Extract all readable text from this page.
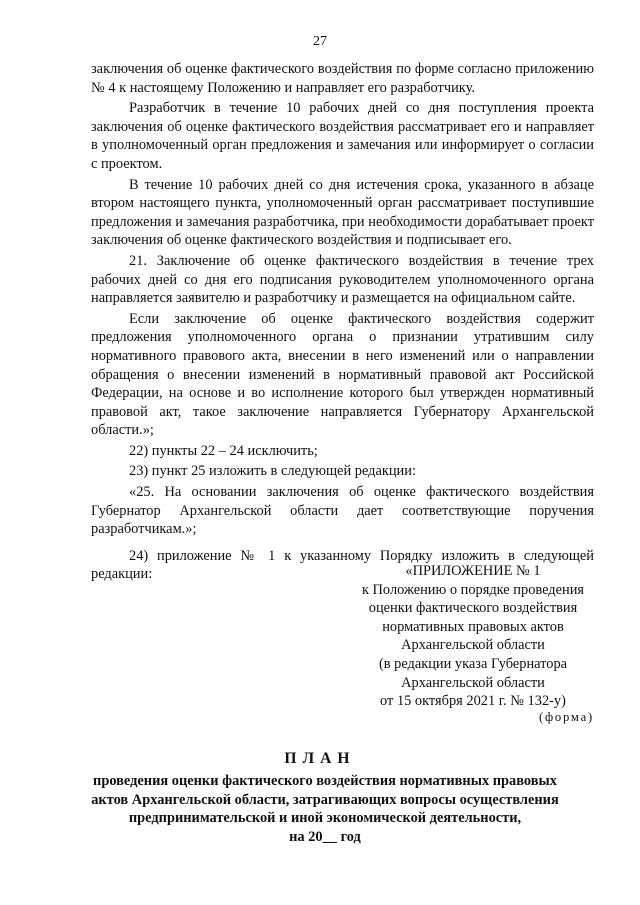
27

заключения об оценке фактического воздействия по форме согласно приложению № 4 к настоящему Положению и направляет его разработчику.

Разработчик в течение 10 рабочих дней со дня поступления проекта заключения об оценке фактического воздействия рассматривает его и направляет в уполномоченный орган предложения и замечания или информирует о согласии с проектом.

В течение 10 рабочих дней со дня истечения срока, указанного в абзаце втором настоящего пункта, уполномоченный орган рассматривает поступившие предложения и замечания разработчика, при необходимости дорабатывает проект заключения об оценке фактического воздействия и подписывает его.

21. Заключение об оценке фактического воздействия в течение трех рабочих дней со дня его подписания руководителем уполномоченного органа направляется заявителю и разработчику и размещается на официальном сайте.

Если заключение об оценке фактического воздействия содержит предложения уполномоченного органа о признании утратившим силу нормативного правового акта, внесении в него изменений или о направлении обращения о внесении изменений в нормативный правовой акт Российской Федерации, на основе и во исполнение которого был утвержден нормативный правовой акт, такое заключение направляется Губернатору Архангельской области.»;

22) пункты 22 – 24 исключить;

23) пункт 25 изложить в следующей редакции:

«25. На основании заключения об оценке фактического воздействия Губернатор Архангельской области дает соответствующие поручения разработчикам.»;

24) приложение № 1 к указанному Порядку изложить в следующей редакции:	«ПРИЛОЖЕНИЕ № 1
к Положению о порядке проведения
оценки фактического воздействия
нормативных правовых актов
Архангельской области
(в редакции указа Губернатора
Архангельской области
от 15 октября 2021 г. № 132-у)
(форма)
ПЛАН
проведения оценки фактического воздействия нормативных правовых
актов Архангельской области, затрагивающих вопросы осуществления
предпринимательской и иной экономической деятельности,
на 20__ год
